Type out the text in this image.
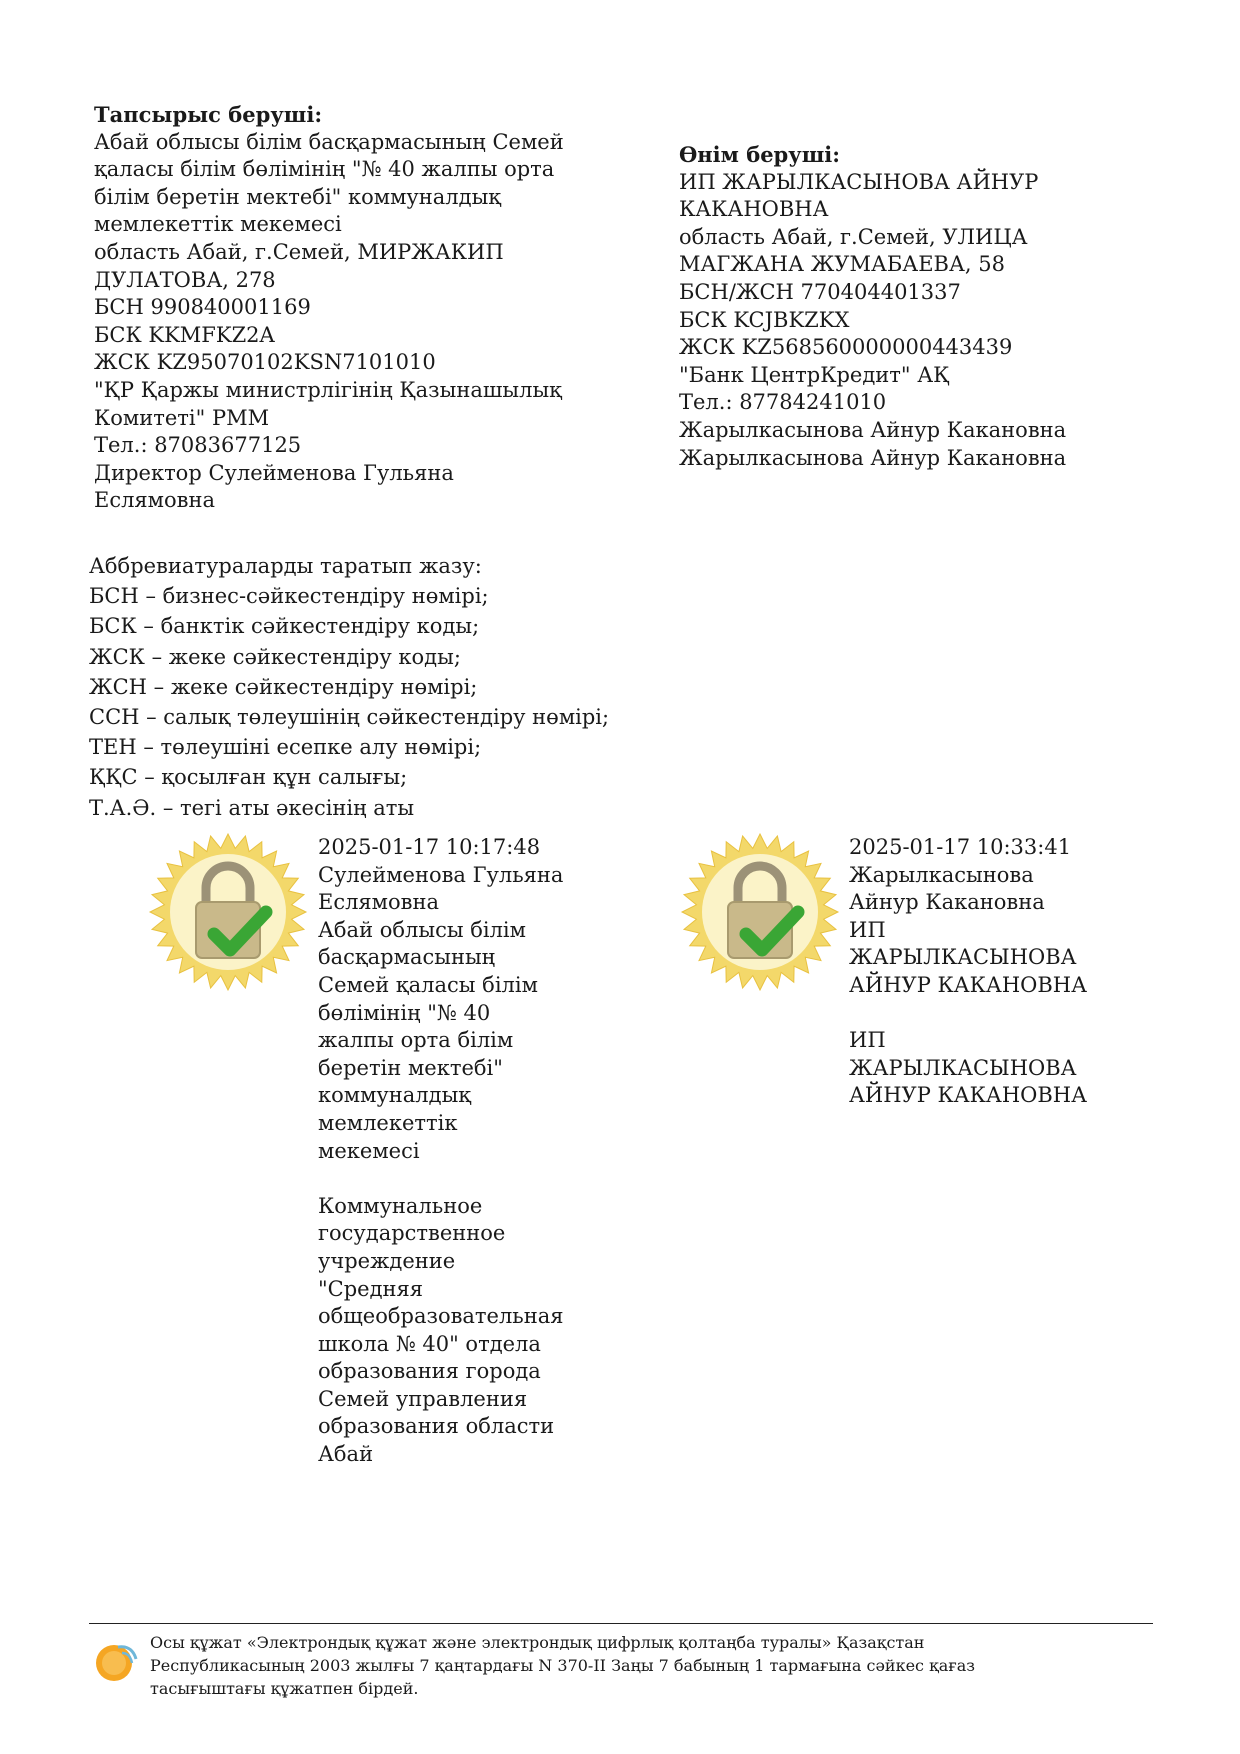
Тапсырыс беруші:
Абай облысы білім басқармасының Семей
қаласы білім бөлімінің "№ 40 жалпы орта
білім беретін мектебі" коммуналдық
мемлекеттік мекемесі
область Абай, г.Семей, МИРЖАКИП
ДУЛАТОВА, 278
БСН 990840001169
БСК KKMFKZ2A
ЖСК KZ95070102KSN7101010
"ҚР Қаржы министрлігінің Қазынашылық
Комитеті" РММ
Тел.: 87083677125
Директор Сулейменова Гульяна
Еслямовна
Өнім беруші:
ИП ЖАРЫЛКАСЫНОВА АЙНУР
КАКАНОВНА
область Абай, г.Семей, УЛИЦА
МАГЖАНА ЖУМАБАЕВА, 58
БСН/ЖСН 770404401337
БСК KCJBKZKX
ЖСК KZ568560000000443439
"Банк ЦентрКредит" АҚ
Тел.: 87784241010
Жарылкасынова Айнур Какановна
Жарылкасынова Айнур Какановна
Аббревиатураларды таратып жазу:
БСН – бизнес-сәйкестендіру нөмірі;
БСК – банктік сәйкестендіру коды;
ЖСК – жеке сәйкестендіру коды;
ЖСН – жеке сәйкестендіру нөмірі;
ССН – салық төлеушінің сәйкестендіру нөмірі;
ТЕН – төлеушіні есепке алу нөмірі;
ҚҚС – қосылған құн салығы;
Т.А.Ә. – тегі аты әкесінің аты
2025-01-17 10:17:48
Сулейменова Гульяна
Еслямовна
Абай облысы білім
басқармасының
Семей қаласы білім
бөлімінің "№ 40
жалпы орта білім
беретін мектебі"
коммуналдық
мемлекеттік
мекемесі
Коммунальное
государственное
учреждение
"Средняя
общеобразовательная
школа № 40" отдела
образования города
Семей управления
образования области
Абай
2025-01-17 10:33:41
Жарылкасынова
Айнур Какановна
ИП
ЖАРЫЛКАСЫНОВА
АЙНУР КАКАНОВНА
ИП
ЖАРЫЛКАСЫНОВА
АЙНУР КАКАНОВНА
Осы құжат «Электрондық құжат және электрондық цифрлық қолтаңба туралы» Қазақстан
Республикасының 2003 жылғы 7 қаңтардағы N 370-II Заңы 7 бабының 1 тармағына сәйкес қағаз
тасығыштағы құжатпен бірдей.
